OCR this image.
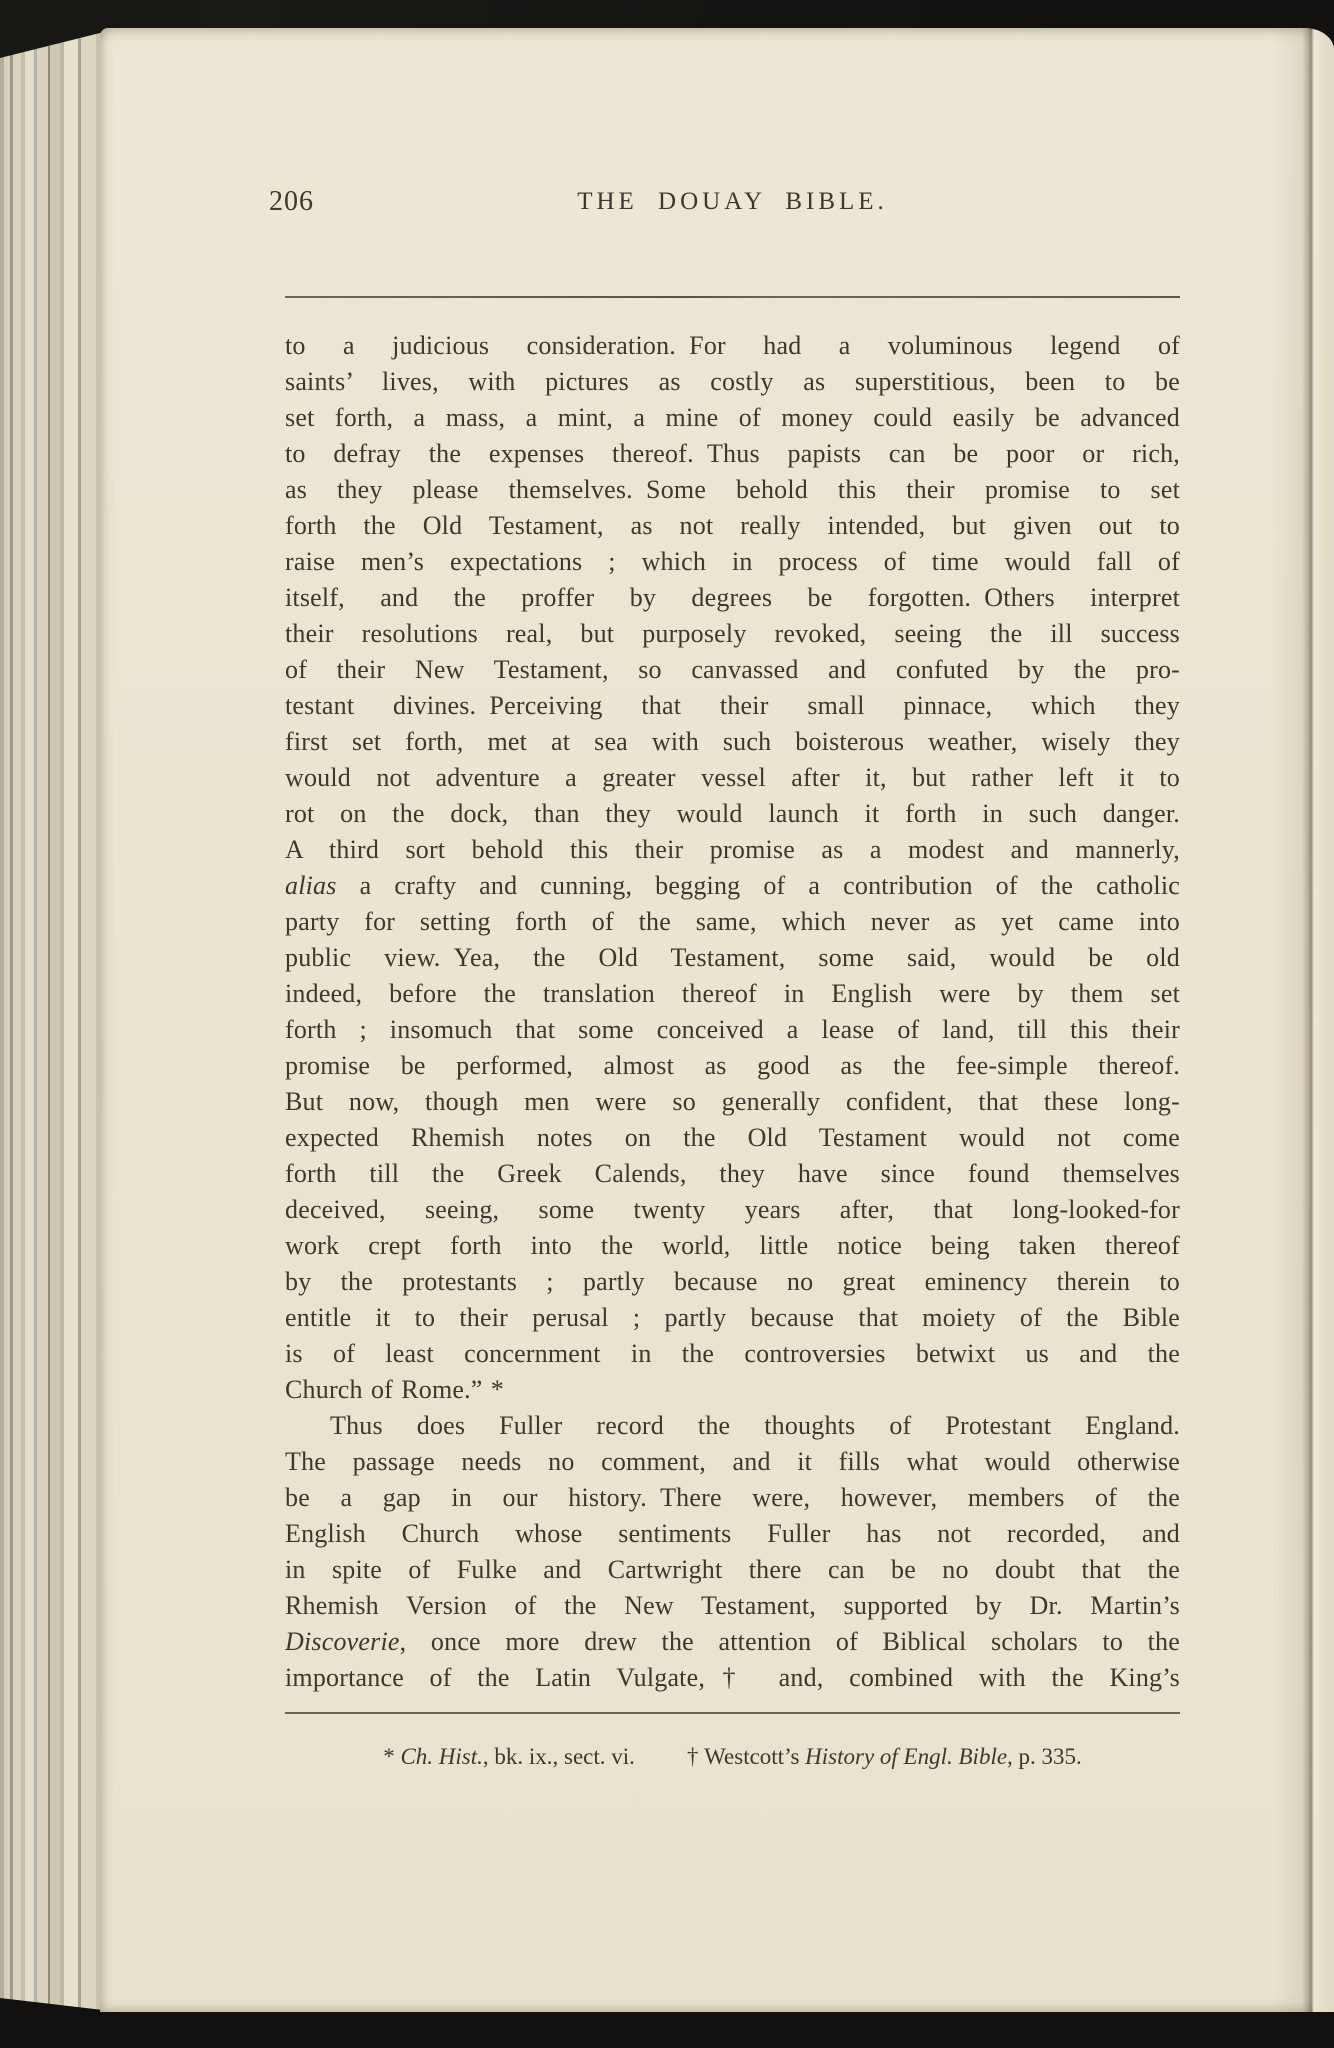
206	THE DOUAY BIBLE.
to a judicious consideration. For had a voluminous legend of
saints’ lives, with pictures as costly as superstitious, been to be
set forth, a mass, a mint, a mine of money could easily be advanced
to defray the expenses thereof. Thus papists can be poor or rich,
as they please themselves. Some behold this their promise to set
forth the Old Testament, as not really intended, but given out to
raise men’s expectations ; which in process of time would fall of
itself, and the proffer by degrees be forgotten. Others interpret
their resolutions real, but purposely revoked, seeing the ill success
of their New Testament, so canvassed and confuted by the pro-
testant divines. Perceiving that their small pinnace, which they
first set forth, met at sea with such boisterous weather, wisely they
would not adventure a greater vessel after it, but rather left it to
rot on the dock, than they would launch it forth in such danger.
A third sort behold this their promise as a modest and mannerly,
alias a crafty and cunning, begging of a contribution of the catholic
party for setting forth of the same, which never as yet came into
public view. Yea, the Old Testament, some said, would be old
indeed, before the translation thereof in English were by them set
forth ; insomuch that some conceived a lease of land, till this their
promise be performed, almost as good as the fee-simple thereof.
But now, though men were so generally confident, that these long-
expected Rhemish notes on the Old Testament would not come
forth till the Greek Calends, they have since found themselves
deceived, seeing, some twenty years after, that long-looked-for
work crept forth into the world, little notice being taken thereof
by the protestants ; partly because no great eminency therein to
entitle it to their perusal ; partly because that moiety of the Bible
is of least concernment in the controversies betwixt us and the
Church of Rome.” *
Thus does Fuller record the thoughts of Protestant England.
The passage needs no comment, and it fills what would otherwise
be a gap in our history. There were, however, members of the
English Church whose sentiments Fuller has not recorded, and
in spite of Fulke and Cartwright there can be no doubt that the
Rhemish Version of the New Testament, supported by Dr. Martin’s
Discoverie, once more drew the attention of Biblical scholars to the
importance of the Latin Vulgate,† and, combined with the King’s
* Ch. Hist., bk. ix., sect. vi. † Westcott’s History of Engl. Bible, p. 335.
